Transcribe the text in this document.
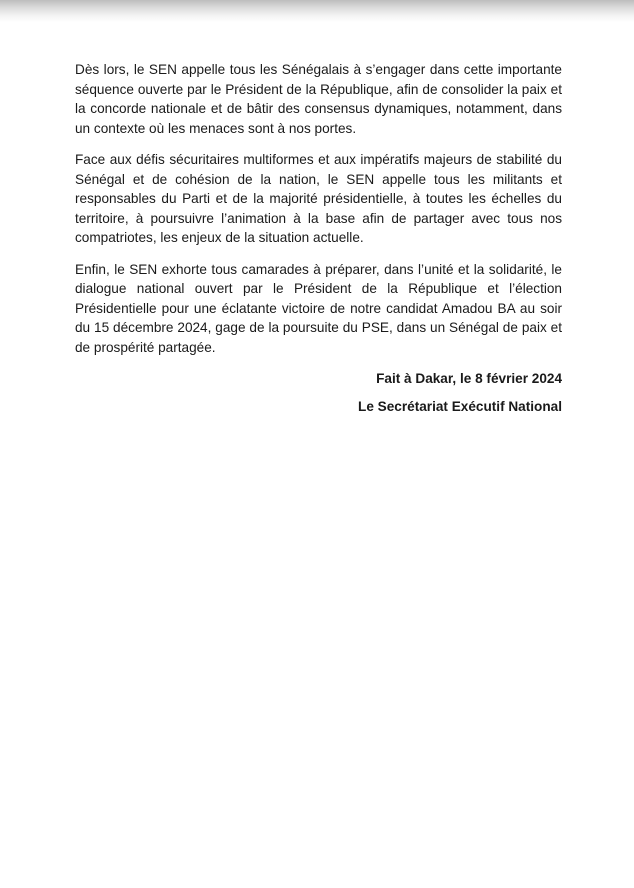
Dès lors, le SEN appelle tous les Sénégalais à s’engager dans cette importante séquence ouverte par le Président de la République, afin de consolider la paix et la concorde nationale et de bâtir des consensus dynamiques, notamment, dans un contexte où les menaces sont à nos portes.

Face aux défis sécuritaires multiformes et aux impératifs majeurs de stabilité du Sénégal et de cohésion de la nation, le SEN appelle tous les militants et responsables du Parti et de la majorité présidentielle, à toutes les échelles du territoire, à poursuivre l’animation à la base afin de partager avec tous nos compatriotes, les enjeux de la situation actuelle.

Enfin, le SEN exhorte tous camarades à préparer, dans l’unité et la solidarité, le dialogue national ouvert par le Président de la République et l’élection Présidentielle pour une éclatante victoire de notre candidat Amadou BA au soir du 15 décembre 2024, gage de la poursuite du PSE, dans un Sénégal de paix et de prospérité partagée.

Fait à Dakar, le 8 février 2024

Le Secrétariat Exécutif National
